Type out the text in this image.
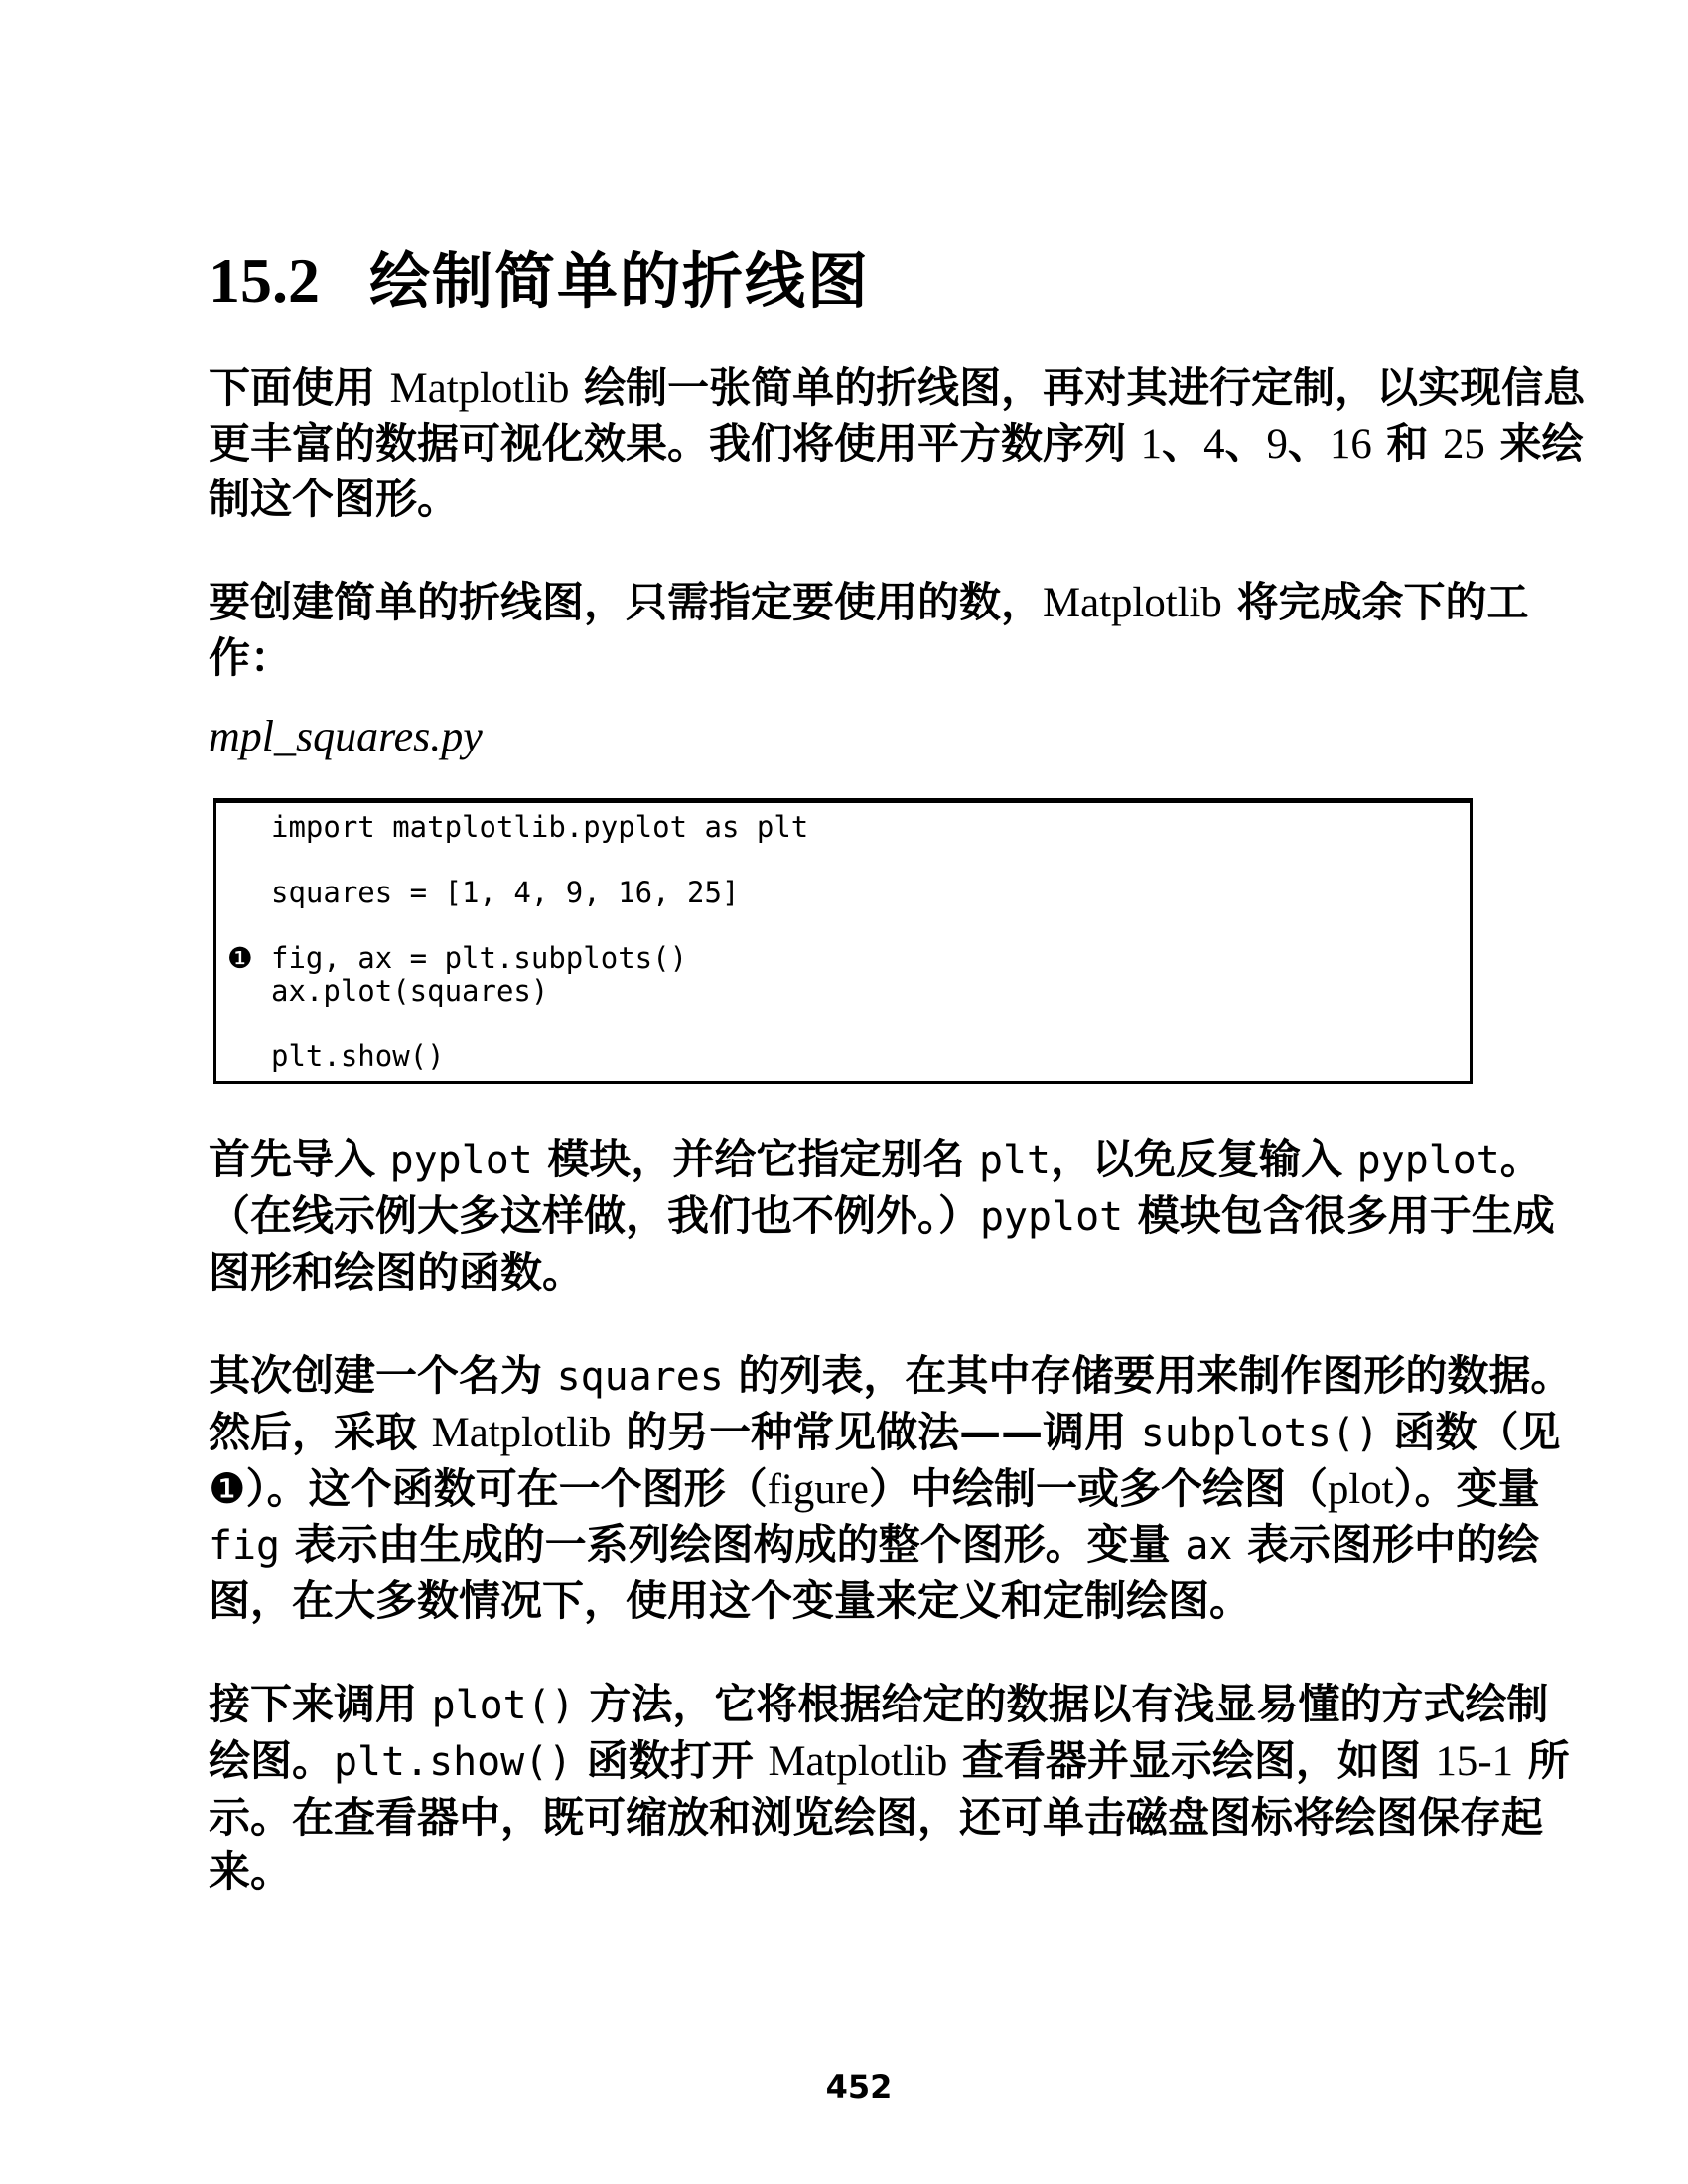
15.2 绘制简单的折线图
下面使用 Matplotlib 绘制一张简单的折线图，再对其进行定制，以实现信息
更丰富的数据可视化效果。我们将使用平方数序列 1、4、9、16 和 25 来绘
制这个图形。
要创建简单的折线图，只需指定要使用的数，Matplotlib 将完成余下的工
作：
mpl_squares.py
import matplotlib.pyplot as plt
squares = [1, 4, 9, 16, 25]
❶ fig, ax = plt.subplots()
ax.plot(squares)
plt.show()
首先导入 pyplot 模块，并给它指定别名 plt，以免反复输入 pyplot。
（在线示例大多这样做，我们也不例外。）pyplot 模块包含很多用于生成
图形和绘图的函数。
其次创建一个名为 squares 的列表，在其中存储要用来制作图形的数据。
然后，采取 Matplotlib 的另一种常见做法——调用 subplots() 函数（见
❶）。这个函数可在一个图形（figure）中绘制一或多个绘图（plot）。变量
fig 表示由生成的一系列绘图构成的整个图形。变量 ax 表示图形中的绘
图，在大多数情况下，使用这个变量来定义和定制绘图。
接下来调用 plot() 方法，它将根据给定的数据以有浅显易懂的方式绘制
绘图。plt.show() 函数打开 Matplotlib 查看器并显示绘图，如图 15-1 所
示。在查看器中，既可缩放和浏览绘图，还可单击磁盘图标将绘图保存起
来。
452
